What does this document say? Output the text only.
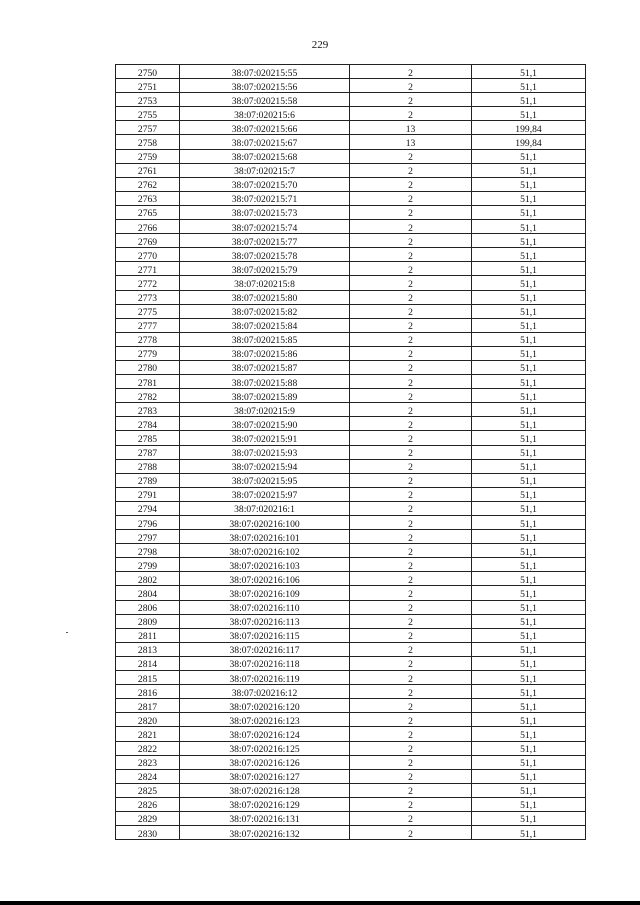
229
2750	38:07:020215:55	2	51,1
2751	38:07:020215:56	2	51,1
2753	38:07:020215:58	2	51,1
2755	38:07:020215:6	2	51,1
2757	38:07:020215:66	13	199,84
2758	38:07:020215:67	13	199,84
2759	38:07:020215:68	2	51,1
2761	38:07:020215:7	2	51,1
2762	38:07:020215:70	2	51,1
2763	38:07:020215:71	2	51,1
2765	38:07:020215:73	2	51,1
2766	38:07:020215:74	2	51,1
2769	38:07:020215:77	2	51,1
2770	38:07:020215:78	2	51,1
2771	38:07:020215:79	2	51,1
2772	38:07:020215:8	2	51,1
2773	38:07:020215:80	2	51,1
2775	38:07:020215:82	2	51,1
2777	38:07:020215:84	2	51,1
2778	38:07:020215:85	2	51,1
2779	38:07:020215:86	2	51,1
2780	38:07:020215:87	2	51,1
2781	38:07:020215:88	2	51,1
2782	38:07:020215:89	2	51,1
2783	38:07:020215:9	2	51,1
2784	38:07:020215:90	2	51,1
2785	38:07:020215:91	2	51,1
2787	38:07:020215:93	2	51,1
2788	38:07:020215:94	2	51,1
2789	38:07:020215:95	2	51,1
2791	38:07:020215:97	2	51,1
2794	38:07:020216:1	2	51,1
2796	38:07:020216:100	2	51,1
2797	38:07:020216:101	2	51,1
2798	38:07:020216:102	2	51,1
2799	38:07:020216:103	2	51,1
2802	38:07:020216:106	2	51,1
2804	38:07:020216:109	2	51,1
2806	38:07:020216:110	2	51,1
2809	38:07:020216:113	2	51,1
2811	38:07:020216:115	2	51,1
2813	38:07:020216:117	2	51,1
2814	38:07:020216:118	2	51,1
2815	38:07:020216:119	2	51,1
2816	38:07:020216:12	2	51,1
2817	38:07:020216:120	2	51,1
2820	38:07:020216:123	2	51,1
2821	38:07:020216:124	2	51,1
2822	38:07:020216:125	2	51,1
2823	38:07:020216:126	2	51,1
2824	38:07:020216:127	2	51,1
2825	38:07:020216:128	2	51,1
2826	38:07:020216:129	2	51,1
2829	38:07:020216:131	2	51,1
2830	38:07:020216:132	2	51,1
